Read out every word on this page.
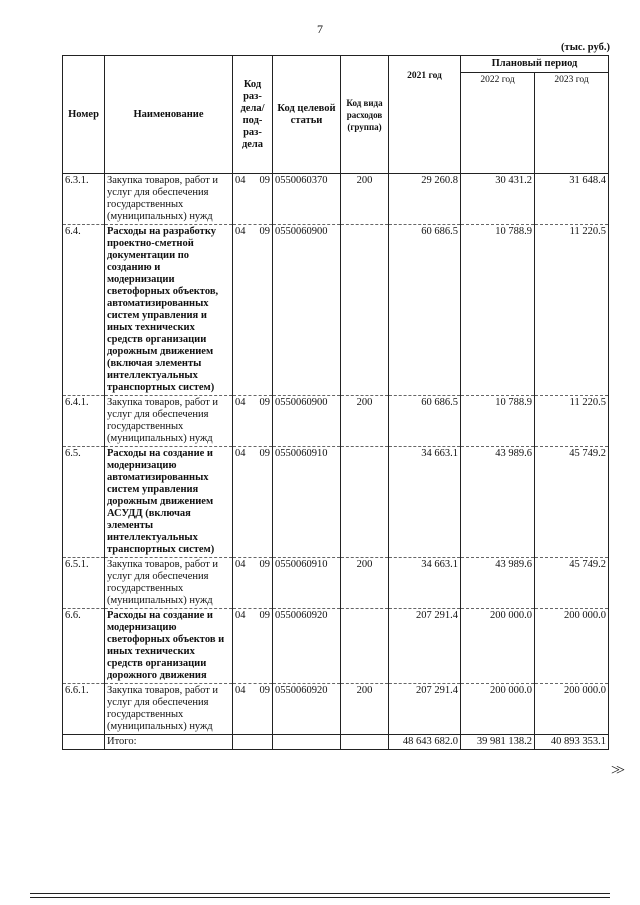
7
(тыс. руб.)
Номер	Наименование	Код раз-дела/ под-раз-дела	Код целевой статьи	Код вида расходов (группа)	2021 год	Плановый период	
						2022 год	2023 год
6.3.1.	Закупка товаров, работ и услуг для обеспечения государственных (муниципальных) нужд	04 09	0550060370	200	29 260.8	30 431.2	31 648.4
6.4.	Расходы на разработку проектно-сметной документации по созданию и модернизации светофорных объектов, автоматизированных систем управления и иных технических средств организации дорожным движением (включая элементы интеллектуальных транспортных систем)	04 09	0550060900		60 686.5	10 788.9	11 220.5
6.4.1.	Закупка товаров, работ и услуг для обеспечения государственных (муниципальных) нужд	04 09	0550060900	200	60 686.5	10 788.9	11 220.5
6.5.	Расходы на создание и модернизацию автоматизированных систем управления дорожным движением АСУДД (включая элементы интеллектуальных транспортных систем)	04 09	0550060910		34 663.1	43 989.6	45 749.2
6.5.1.	Закупка товаров, работ и услуг для обеспечения государственных (муниципальных) нужд	04 09	0550060910	200	34 663.1	43 989.6	45 749.2
6.6.	Расходы на создание и модернизацию светофорных объектов и иных технических средств организации дорожного движения	04 09	0550060920		207 291.4	200 000.0	200 000.0
6.6.1.	Закупка товаров, работ и услуг для обеспечения государственных (муниципальных) нужд	04 09	0550060920	200	207 291.4	200 000.0	200 000.0
	Итого:				48 643 682.0	39 981 138.2	40 893 353.1
>>
